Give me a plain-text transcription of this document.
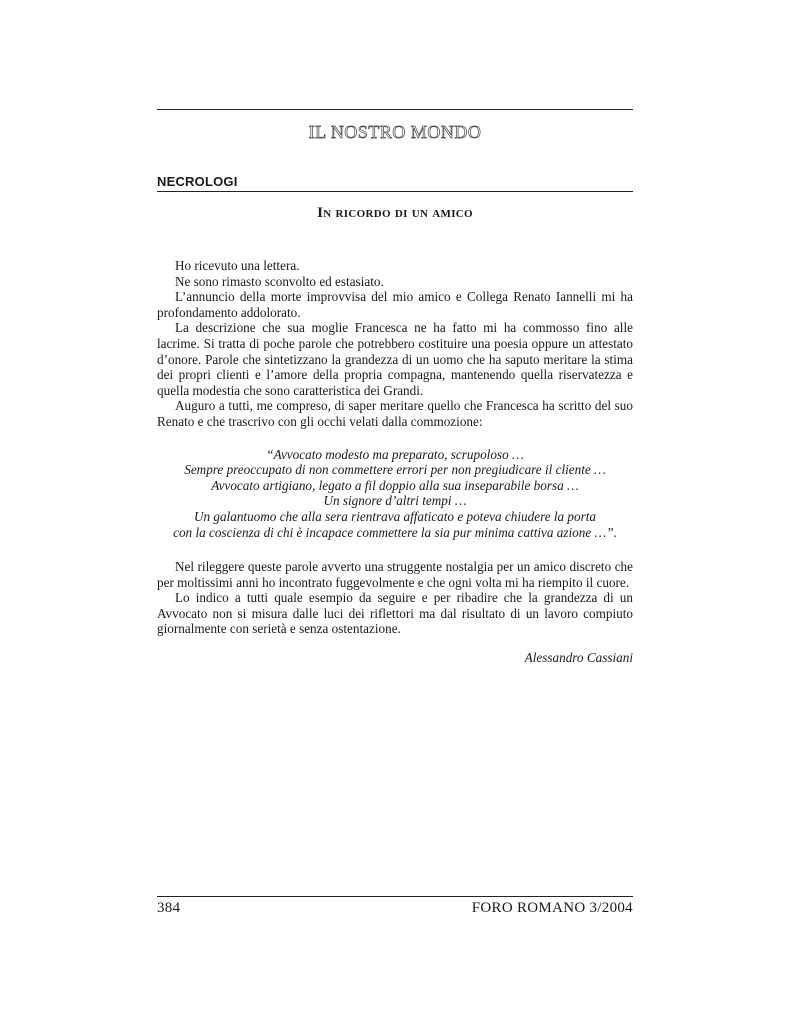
IL NOSTRO MONDO
NECROLOGI
In ricordo di un amico

Ho ricevuto una lettera.

Ne sono rimasto sconvolto ed estasiato.

L’annuncio della morte improvvisa del mio amico e Collega Renato Iannelli mi ha profondamento addolorato.

La descrizione che sua moglie Francesca ne ha fatto mi ha commosso fino alle lacrime. Si tratta di poche parole che potrebbero costituire una poesia oppure un attestato d’onore. Parole che sintetizzano la grandezza di un uomo che ha saputo meritare la stima dei propri clienti e l’amore della propria compagna, mantenendo quella riservatezza e quella modestia che sono caratteristica dei Grandi.

Auguro a tutti, me compreso, di saper meritare quello che Francesca ha scritto del suo Renato e che trascrivo con gli occhi velati dalla commozione:

“Avvocato modesto ma preparato, scrupoloso …
Sempre preoccupato di non commettere errori per non pregiudicare il cliente …
Avvocato artigiano, legato a fil doppio alla sua inseparabile borsa …
Un signore d’altri tempi …
Un galantuomo che alla sera rientrava affaticato e poteva chiudere la porta
con la coscienza di chi è incapace commettere la sia pur minima cattiva azione …”.

Nel rileggere queste parole avverto una struggente nostalgia per un amico discreto che per moltissimi anni ho incontrato fuggevolmente e che ogni volta mi ha riempito il cuore.

Lo indico a tutti quale esempio da seguire e per ribadire che la grandezza di un Avvocato non si misura dalle luci dei riflettori ma dal risultato di un lavoro compiuto giornalmente con serietà e senza ostentazione.

Alessandro Cassiani
384	FORO ROMANO 3/2004
